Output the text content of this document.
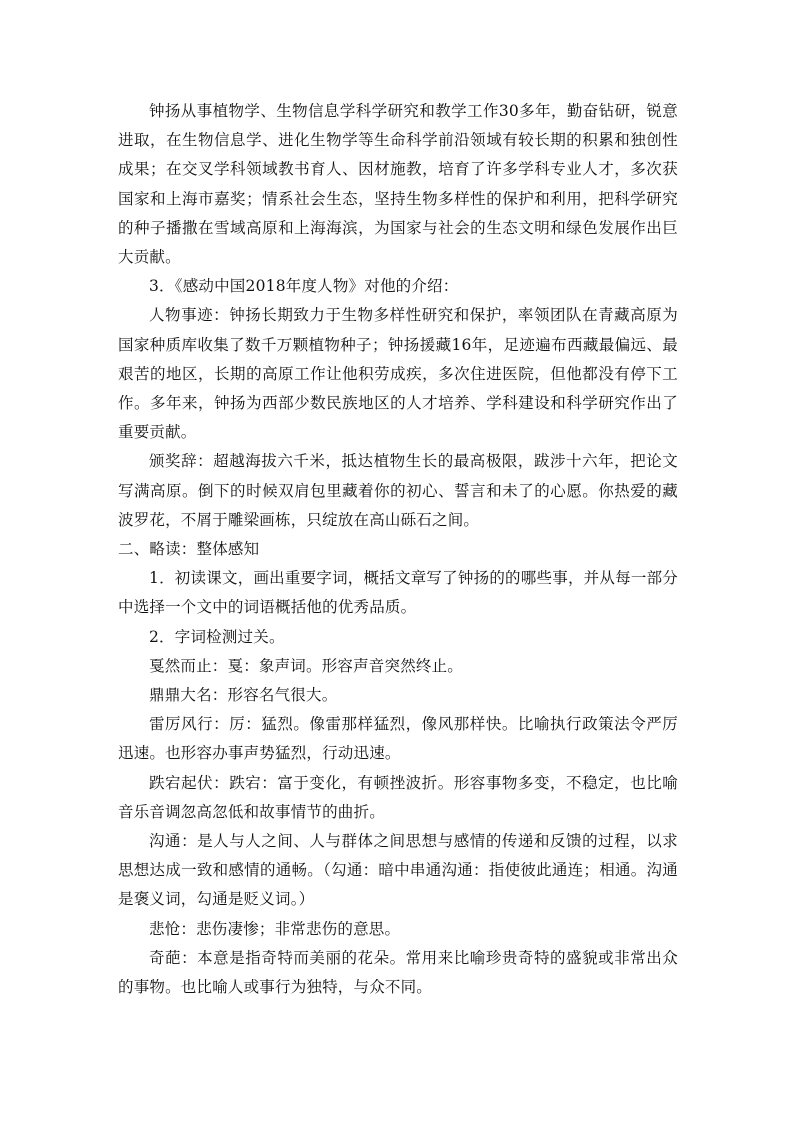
钟扬从事植物学、生物信息学科学研究和教学工作30多年，勤奋钻研，锐意进取，在生物信息学、进化生物学等生命科学前沿领域有较长期的积累和独创性成果；在交叉学科领域教书育人、因材施教，培育了许多学科专业人才，多次获国家和上海市嘉奖；情系社会生态，坚持生物多样性的保护和利用，把科学研究的种子播撒在雪域高原和上海海滨，为国家与社会的生态文明和绿色发展作出巨大贡献。

3．《感动中国2018年度人物》对他的介绍：

人物事迹：钟扬长期致力于生物多样性研究和保护，率领团队在青藏高原为国家种质库收集了数千万颗植物种子；钟扬援藏16年，足迹遍布西藏最偏远、最艰苦的地区，长期的高原工作让他积劳成疾，多次住进医院，但他都没有停下工作。多年来，钟扬为西部少数民族地区的人才培养、学科建设和科学研究作出了重要贡献。

颁奖辞：超越海拔六千米，抵达植物生长的最高极限，跋涉十六年，把论文写满高原。倒下的时候双肩包里藏着你的初心、誓言和未了的心愿。你热爱的藏波罗花，不屑于雕梁画栋，只绽放在高山砾石之间。

二、略读：整体感知

1．初读课文，画出重要字词，概括文章写了钟扬的的哪些事，并从每一部分中选择一个文中的词语概括他的优秀品质。

2．字词检测过关。

戛然而止：戛：象声词。形容声音突然终止。

鼎鼎大名：形容名气很大。

雷厉风行：厉：猛烈。像雷那样猛烈，像风那样快。比喻执行政策法令严厉迅速。也形容办事声势猛烈，行动迅速。

跌宕起伏：跌宕：富于变化，有顿挫波折。形容事物多变，不稳定，也比喻音乐音调忽高忽低和故事情节的曲折。

沟通：是人与人之间、人与群体之间思想与感情的传递和反馈的过程，以求思想达成一致和感情的通畅。（勾通：暗中串通沟通：指使彼此通连；相通。沟通是褒义词，勾通是贬义词。）

悲怆：悲伤凄惨；非常悲伤的意思。

奇葩：本意是指奇特而美丽的花朵。常用来比喻珍贵奇特的盛貌或非常出众的事物。也比喻人或事行为独特，与众不同。
